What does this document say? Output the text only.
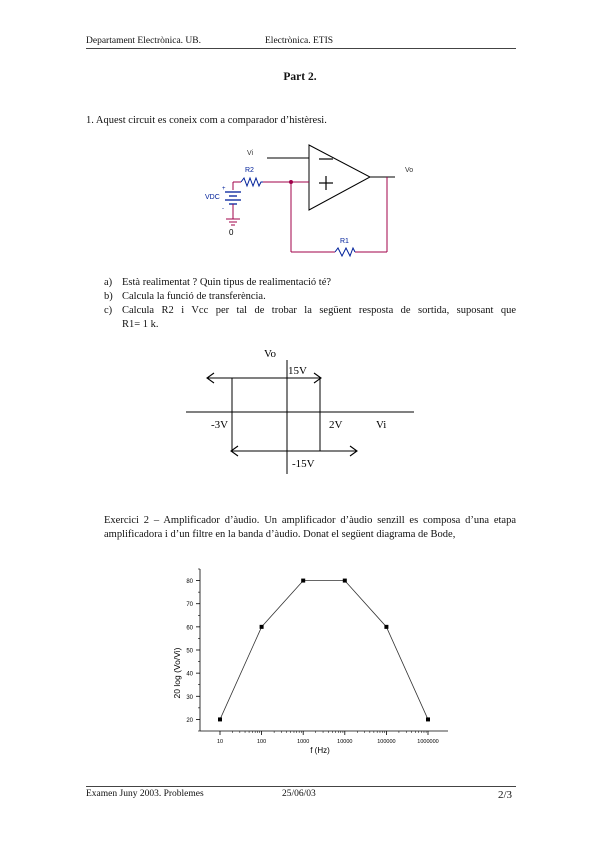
Departament Electrònica. UB.	Electrònica. ETIS
Part 2.
1. Aquest circuit es coneix com a comparador d’histèresi.
Vi
Vo
R1
R2
+
-
VDC
0
a) Està realimentat ? Quin tipus de realimentació té?
b) Calcula la funció de transferència.
c) Calcula R2 i Vcc per tal de trobar la següent resposta de sortida, suposant que
R1= 1 k.
Vo
15V
-15V
-3V	2V	Vi
Exercici 2 – Amplificador d’àudio. Un amplificador d’àudio senzill es composa d’una etapa amplificadora i d’un filtre en la banda d’àudio. Donat el següent diagrama de Bode,
20
30
40
50
60
70
80
10	100	1000	10000	100000	1000000
20 log (Vo/Vi)
f (Hz)
Examen Juny 2003. Problemes	25/06/03	2/3
